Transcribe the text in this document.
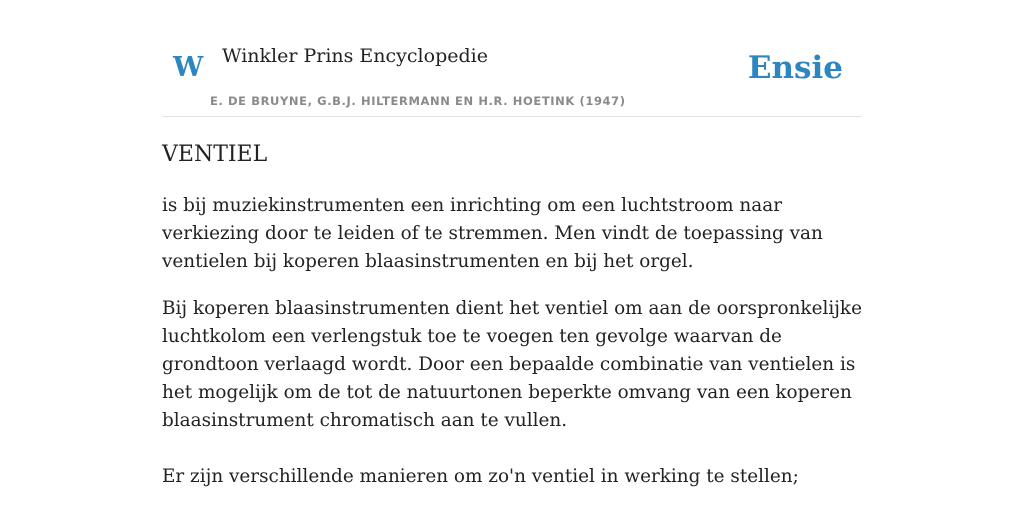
W Winkler Prins Encyclopedie
E. DE BRUYNE, G.B.J. HILTERMANN EN H.R. HOETINK (1947)
Ensie
VENTIEL

is bij muziekinstrumenten een inrichting om een luchtstroom naar verkiezing door te leiden of te stremmen. Men vindt de toepassing van ventielen bij koperen blaasinstrumenten en bij het orgel.

Bij koperen blaasinstrumenten dient het ventiel om aan de oorspronkelijke luchtkolom een verlengstuk toe te voegen ten gevolge waarvan de grondtoon verlaagd wordt. Door een bepaalde combinatie van ventielen is het mogelijk om de tot de natuurtonen beperkte omvang van een koperen blaasinstrument chromatisch aan te vullen.

Er zijn verschillende manieren om zo'n ventiel in werking te stellen;
